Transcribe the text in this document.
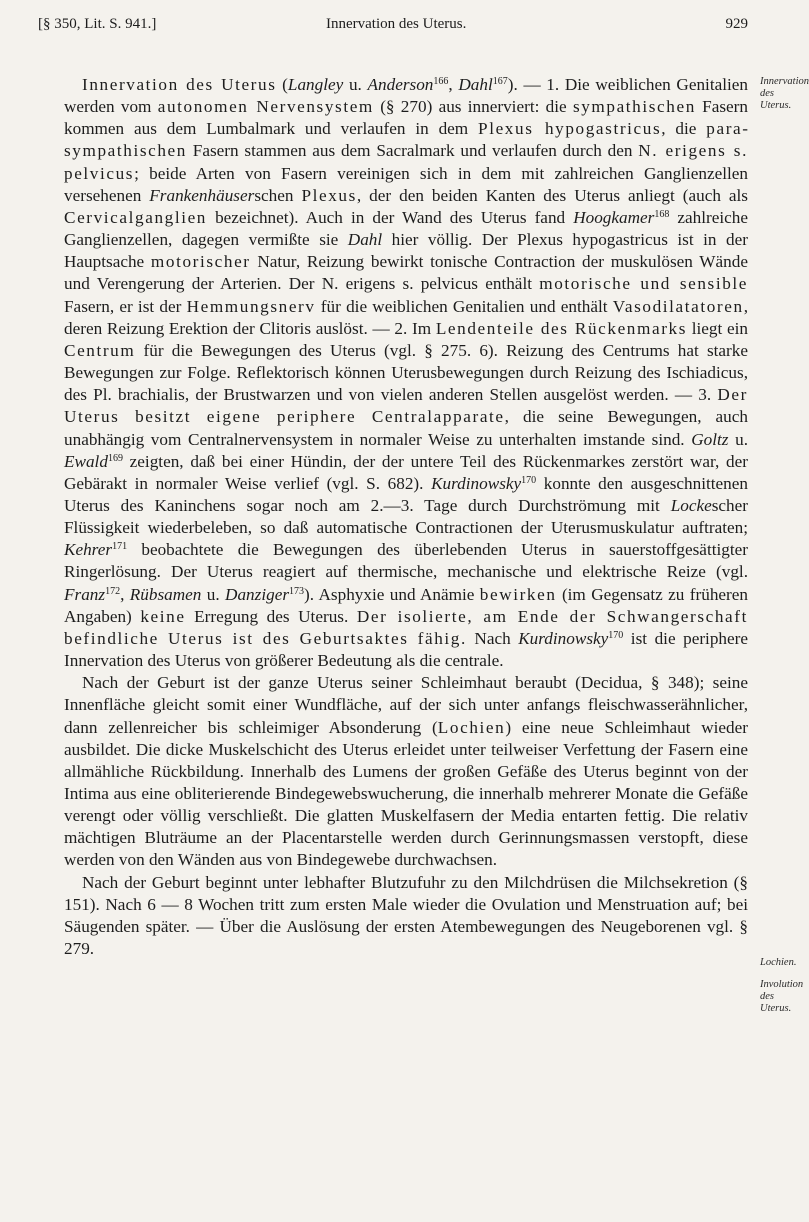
[§ 350, Lit. S. 941.]	Innervation des Uterus.	929
Innervation
des Uterus.
Lochien.
Involution
des Uterus.

Innervation des Uterus (Langley u. Anderson$^{166}$, Dahl$^{167}$). — 1. Die weiblichen Genitalien werden vom autonomen Nervensystem (§ 270) aus innerviert: die sympathischen Fasern kommen aus dem Lumbalmark und verlaufen in dem Plexus hypogastricus, die parasympathischen Fasern stammen aus dem Sacralmark und verlaufen durch den N. erigens s. pelvicus; beide Arten von Fasern vereinigen sich in dem mit zahlreichen Ganglienzellen versehenen Frankenhäuserschen Plexus, der den beiden Kanten des Uterus anliegt (auch als Cervicalganglien bezeichnet). Auch in der Wand des Uterus fand Hoogkamer$^{168}$ zahlreiche Ganglienzellen, dagegen vermißte sie Dahl hier völlig. Der Plexus hypogastricus ist in der Hauptsache motorischer Natur, Reizung bewirkt tonische Contraction der muskulösen Wände und Verengerung der Arterien. Der N. erigens s. pelvicus enthält motorische und sensible Fasern, er ist der Hemmungsnerv für die weiblichen Genitalien und enthält Vasodilatatoren, deren Reizung Erektion der Clitoris auslöst. — 2. Im Lendenteile des Rückenmarks liegt ein Centrum für die Bewegungen des Uterus (vgl. § 275. 6). Reizung des Centrums hat starke Bewegungen zur Folge. Reflektorisch können Uterusbewegungen durch Reizung des Ischiadicus, des Pl. brachialis, der Brustwarzen und von vielen anderen Stellen ausgelöst werden. — 3. Der Uterus besitzt eigene periphere Centralapparate, die seine Bewegungen, auch unabhängig vom Centralnervensystem in normaler Weise zu unterhalten imstande sind. Goltz u. Ewald$^{169}$ zeigten, daß bei einer Hündin, der der untere Teil des Rückenmarkes zerstört war, der Gebärakt in normaler Weise verlief (vgl. S. 682). Kurdinowsky$^{170}$ konnte den ausgeschnittenen Uterus des Kaninchens sogar noch am 2.—3. Tage durch Durchströmung mit Lockescher Flüssigkeit wiederbeleben, so daß automatische Contractionen der Uterusmuskulatur auftraten; Kehrer$^{171}$ beobachtete die Bewegungen des überlebenden Uterus in sauerstoffgesättigter Ringerlösung. Der Uterus reagiert auf thermische, mechanische und elektrische Reize (vgl. Franz$^{172}$, Rübsamen u. Danziger$^{173}$). Asphyxie und Anämie bewirken (im Gegensatz zu früheren Angaben) keine Erregung des Uterus. Der isolierte, am Ende der Schwangerschaft befindliche Uterus ist des Geburtsaktes fähig. Nach Kurdinowsky$^{170}$ ist die periphere Innervation des Uterus von größerer Bedeutung als die centrale.

Nach der Geburt ist der ganze Uterus seiner Schleimhaut beraubt (Decidua, § 348); seine Innenfläche gleicht somit einer Wundfläche, auf der sich unter anfangs fleischwasserähnlicher, dann zellenreicher bis schleimiger Absonderung (Lochien) eine neue Schleimhaut wieder ausbildet. Die dicke Muskelschicht des Uterus erleidet unter teilweiser Verfettung der Fasern eine allmähliche Rückbildung. Innerhalb des Lumens der großen Gefäße des Uterus beginnt von der Intima aus eine obliterierende Bindegewebswucherung, die innerhalb mehrerer Monate die Gefäße verengt oder völlig verschließt. Die glatten Muskelfasern der Media entarten fettig. Die relativ mächtigen Bluträume an der Placentarstelle werden durch Gerinnungsmassen verstopft, diese werden von den Wänden aus von Bindegewebe durchwachsen.

Nach der Geburt beginnt unter lebhafter Blutzufuhr zu den Milchdrüsen die Milchsekretion (§ 151). Nach 6 — 8 Wochen tritt zum ersten Male wieder die Ovulation und Menstruation auf; bei Säugenden später. — Über die Auslösung der ersten Atembewegungen des Neugeborenen vgl. § 279.
